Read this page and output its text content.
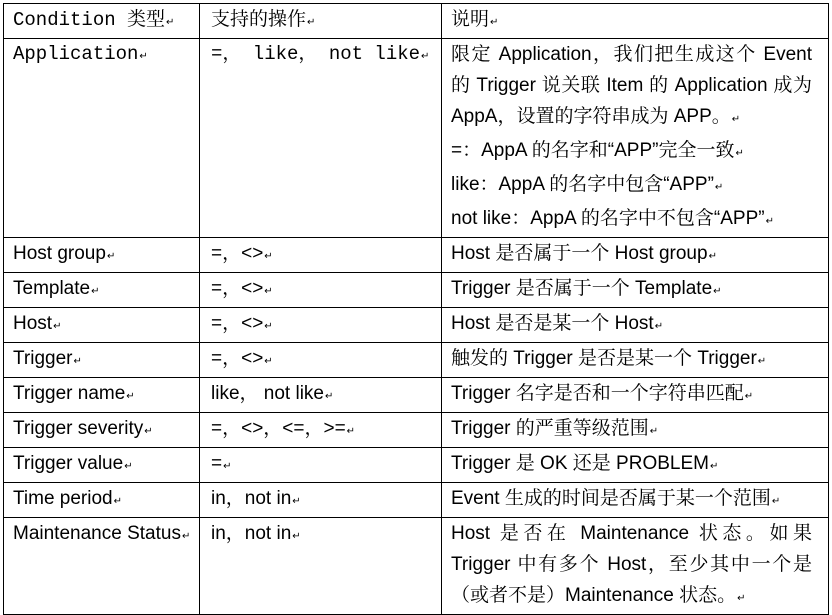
Condition 类型↵	支持的操作↵	说明↵
Application↵	=， like， not like↵	限定 Application，我们把生成这个 Event 的 Trigger 说关联 Item 的 Application 成为 AppA，设置的字符串成为 APP。↵

=：AppA 的名字和“APP”完全一致↵

like：AppA 的名字中包含“APP”↵

not like：AppA 的名字中不包含“APP”↵

Host group↵	=，<>↵	Host 是否属于一个 Host group↵

Template↵	=，<>↵	Trigger 是否属于一个 Template↵

Host↵	=，<>↵	Host 是否是某一个 Host↵

Trigger↵	=，<>↵	触发的 Trigger 是否是某一个 Trigger↵

Trigger name↵	like， not like↵	Trigger 名字是否和一个字符串匹配↵

Trigger severity↵	=，<>，<=，>=↵	Trigger 的严重等级范围↵

Trigger value↵	=↵	Trigger 是 OK 还是 PROBLEM↵

Time period↵	in，not in↵	Event 生成的时间是否属于某一个范围↵

Maintenance Status↵	in，not in↵	Host 是否在 Maintenance 状态。如果 Trigger 中有多个 Host，至少其中一个是（或者不是）Maintenance 状态。↵
